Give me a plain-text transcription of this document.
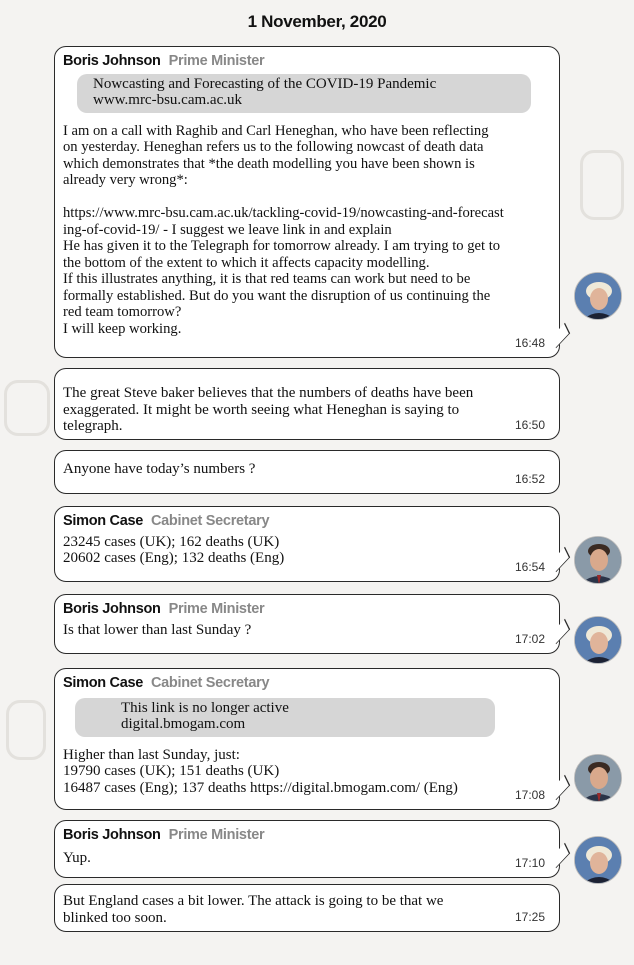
1 November, 2020
Boris Johnson Prime Minister
Nowcasting and Forecasting of the COVID-19 Pandemic
www.mrc-bsu.cam.ac.uk
I am on a call with Raghib and Carl Heneghan, who have been reflecting
on yesterday. Heneghan refers us to the following nowcast of death data
which demonstrates that *the death modelling you have been shown is
already very wrong*:
https://www.mrc-bsu.cam.ac.uk/tackling-covid-19/nowcasting-and-forecast
ing-of-covid-19/ - I suggest we leave link in and explain
He has given it to the Telegraph for tomorrow already. I am trying to get to
the bottom of the extent to which it affects capacity modelling.
If this illustrates anything, it is that red teams can work but need to be
formally established. But do you want the disruption of us continuing the
red team tomorrow?
I will keep working.
16:48
The great Steve baker believes that the numbers of deaths have been
exaggerated. It might be worth seeing what Heneghan is saying to
telegraph.	16:50
Anyone have today’s numbers ?
16:52
Simon Case Cabinet Secretary
23245 cases (UK); 162 deaths (UK)
20602 cases (Eng); 132 deaths (Eng)
16:54
Boris Johnson Prime Minister
Is that lower than last Sunday ?
17:02
Simon Case Cabinet Secretary
This link is no longer active
digital.bmogam.com
Higher than last Sunday, just:
19790 cases (UK); 151 deaths (UK)
16487 cases (Eng); 137 deaths https://digital.bmogam.com/ (Eng)	17:08
Boris Johnson Prime Minister
Yup.	17:10
But England cases a bit lower. The attack is going to be that we
blinked too soon.	17:25
